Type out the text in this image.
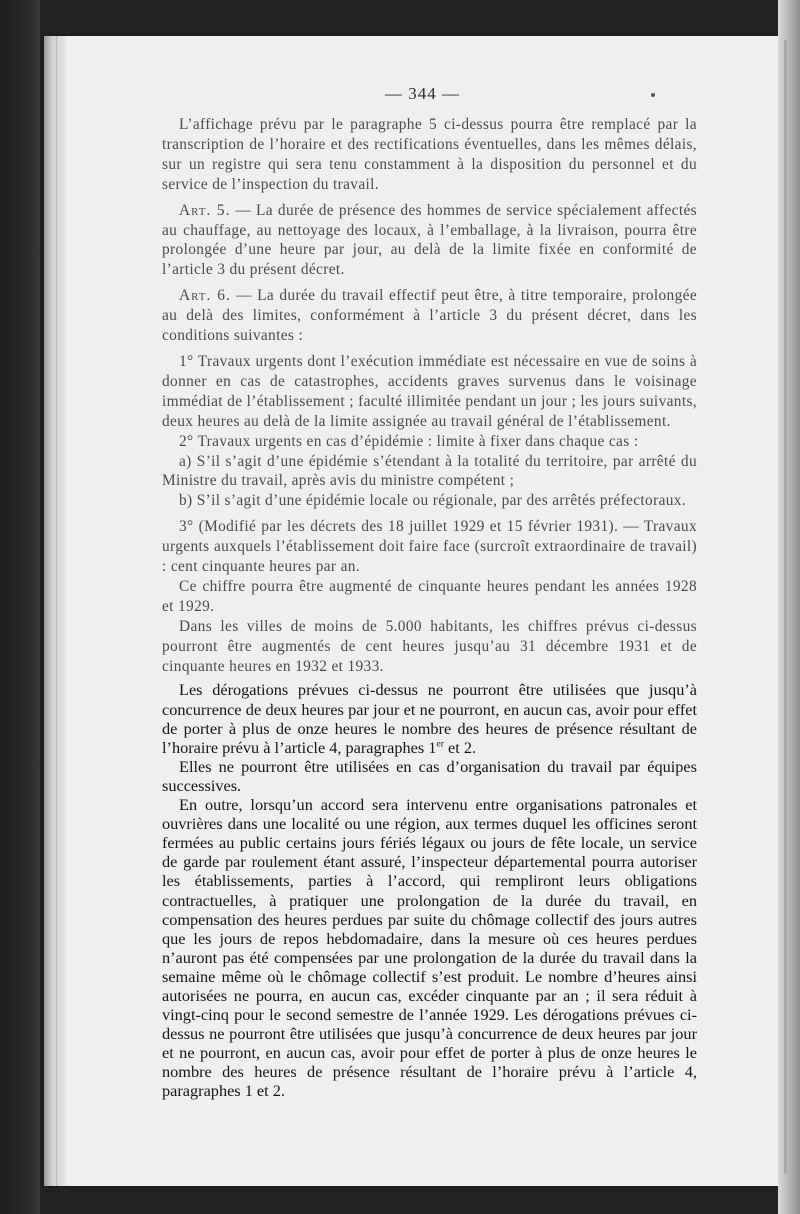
— 344 —

L’affichage prévu par le paragraphe 5 ci-dessus pourra être remplacé par la transcription de l’horaire et des rectifications éventuelles, dans les mêmes délais, sur un registre qui sera tenu constamment à la disposition du personnel et du service de l’inspection du travail.

Art. 5. — La durée de présence des hommes de service spécialement affectés au chauffage, au nettoyage des locaux, à l’emballage, à la livraison, pourra être prolongée d’une heure par jour, au delà de la limite fixée en conformité de l’article 3 du présent décret.

Art. 6. — La durée du travail effectif peut être, à titre temporaire, prolongée au delà des limites, conformément à l’article 3 du présent décret, dans les conditions suivantes :

1° Travaux urgents dont l’exécution immédiate est nécessaire en vue de soins à donner en cas de catastrophes, accidents graves survenus dans le voisinage immédiat de l’établissement ; faculté illimitée pendant un jour ; les jours suivants, deux heures au delà de la limite assignée au travail général de l’établissement.

2° Travaux urgents en cas d’épidémie : limite à fixer dans chaque cas :

a) S’il s’agit d’une épidémie s’étendant à la totalité du territoire, par arrêté du Ministre du travail, après avis du ministre compétent ;

b) S’il s’agit d’une épidémie locale ou régionale, par des arrêtés préfectoraux.

3° (Modifié par les décrets des 18 juillet 1929 et 15 février 1931). — Travaux urgents auxquels l’établissement doit faire face (surcroît extraordinaire de travail) : cent cinquante heures par an.

Ce chiffre pourra être augmenté de cinquante heures pendant les années 1928 et 1929.

Dans les villes de moins de 5.000 habitants, les chiffres prévus ci-dessus pourront être augmentés de cent heures jusqu’au 31 décembre 1931 et de cinquante heures en 1932 et 1933.

Les dérogations prévues ci-dessus ne pourront être utilisées que jusqu’à concurrence de deux heures par jour et ne pourront, en aucun cas, avoir pour effet de porter à plus de onze heures le nombre des heures de présence résultant de l’horaire prévu à l’article 4, paragraphes 1er et 2.

Elles ne pourront être utilisées en cas d’organisation du travail par équipes successives.

En outre, lorsqu’un accord sera intervenu entre organisations patronales et ouvrières dans une localité ou une région, aux termes duquel les officines seront fermées au public certains jours fériés légaux ou jours de fête locale, un service de garde par roulement étant assuré, l’inspecteur départemental pourra autoriser les établissements, parties à l’accord, qui rempliront leurs obligations contractuelles, à pratiquer une prolongation de la durée du travail, en compensation des heures perdues par suite du chômage collectif des jours autres que les jours de repos hebdomadaire, dans la mesure où ces heures perdues n’auront pas été compensées par une prolongation de la durée du travail dans la semaine même où le chômage collectif s’est produit. Le nombre d’heures ainsi autorisées ne pourra, en aucun cas, excéder cinquante par an ; il sera réduit à vingt-cinq pour le second semestre de l’année 1929. Les dérogations prévues ci-dessus ne pourront être utilisées que jusqu’à concurrence de deux heures par jour et ne pourront, en aucun cas, avoir pour effet de porter à plus de onze heures le nombre des heures de présence résultant de l’horaire prévu à l’article 4, paragraphes 1 et 2.
